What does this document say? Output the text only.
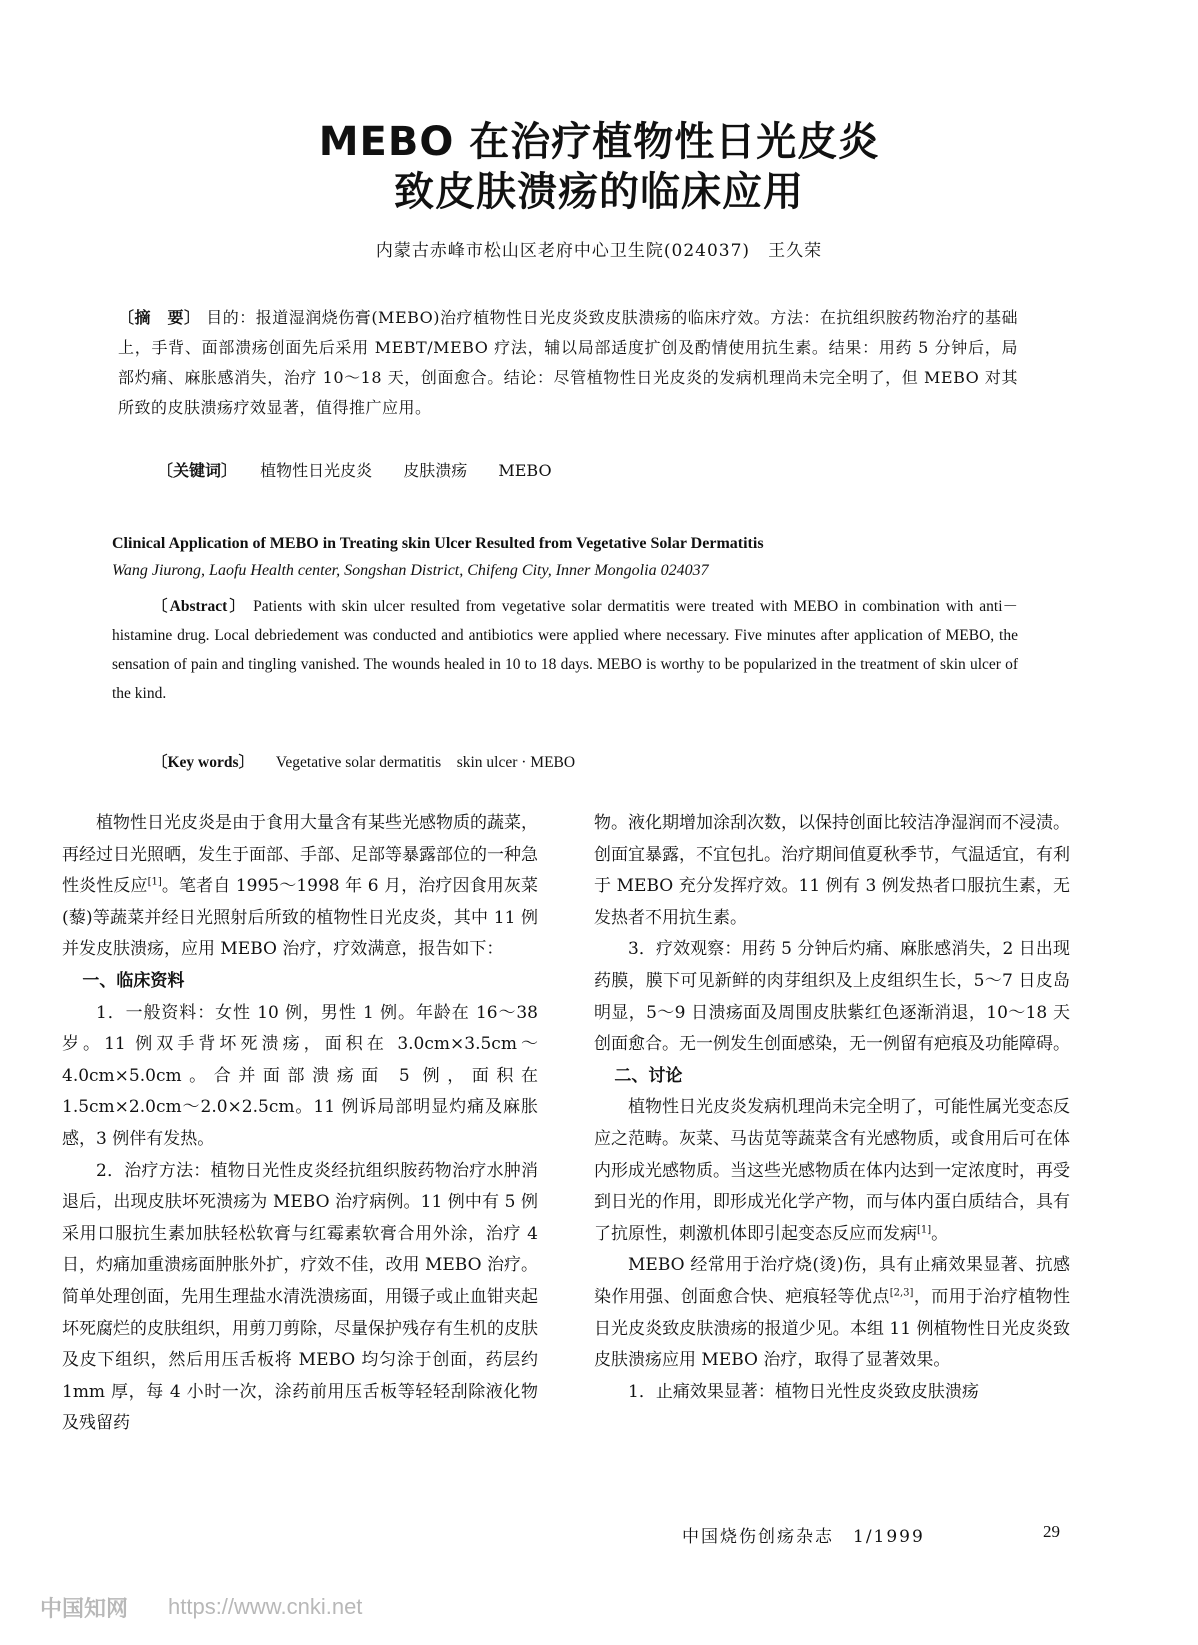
MEBO 在治疗植物性日光皮炎
致皮肤溃疡的临床应用
内蒙古赤峰市松山区老府中心卫生院(024037)　王久荣
〔摘　要〕 目的：报道湿润烧伤膏(MEBO)治疗植物性日光皮炎致皮肤溃疡的临床疗效。方法：在抗组织胺药物治疗的基础上，手背、面部溃疡创面先后采用 MEBT/MEBO 疗法，辅以局部适度扩创及酌情使用抗生素。结果：用药 5 分钟后，局部灼痛、麻胀感消失，治疗 10～18 天，创面愈合。结论：尽管植物性日光皮炎的发病机理尚未完全明了，但 MEBO 对其所致的皮肤溃疡疗效显著，值得推广应用。
〔关键词〕 植物性日光皮炎 皮肤溃疡 MEBO
Clinical Application of MEBO in Treating skin Ulcer Resulted from Vegetative Solar Dermatitis
Wang Jiurong, Laofu Health center, Songshan District, Chifeng City, Inner Mongolia 024037
〔Abstract〕 Patients with skin ulcer resulted from vegetative solar dermatitis were treated with MEBO in combination with anti－histamine drug. Local debriedement was conducted and antibiotics were applied where necessary. Five minutes after application of MEBO, the sensation of pain and tingling vanished. The wounds healed in 10 to 18 days. MEBO is worthy to be popularized in the treatment of skin ulcer of the kind.
〔Key words〕 Vegetative solar dermatitis　skin ulcer · MEBO

植物性日光皮炎是由于食用大量含有某些光感物质的蔬菜，再经过日光照晒，发生于面部、手部、足部等暴露部位的一种急性炎性反应[1]。笔者自 1995～1998 年 6 月，治疗因食用灰菜(藜)等蔬菜并经日光照射后所致的植物性日光皮炎，其中 11 例并发皮肤溃疡，应用 MEBO 治疗，疗效满意，报告如下：

一、临床资料

1．一般资料：女性 10 例，男性 1 例。年龄在 16～38 岁。11 例双手背坏死溃疡，面积在 3.0cm×3.5cm～4.0cm×5.0cm。合并面部溃疡面 5 例，面积在 1.5cm×2.0cm～2.0×2.5cm。11 例诉局部明显灼痛及麻胀感，3 例伴有发热。

2．治疗方法：植物日光性皮炎经抗组织胺药物治疗水肿消退后，出现皮肤坏死溃疡为 MEBO 治疗病例。11 例中有 5 例采用口服抗生素加肤轻松软膏与红霉素软膏合用外涂，治疗 4 日，灼痛加重溃疡面肿胀外扩，疗效不佳，改用 MEBO 治疗。简单处理创面，先用生理盐水清洗溃疡面，用镊子或止血钳夹起坏死腐烂的皮肤组织，用剪刀剪除，尽量保护残存有生机的皮肤及皮下组织，然后用压舌板将 MEBO 均匀涂于创面，药层约 1mm 厚，每 4 小时一次，涂药前用压舌板等轻轻刮除液化物及残留药

物。液化期增加涂刮次数，以保持创面比较洁净湿润而不浸渍。创面宜暴露，不宜包扎。治疗期间值夏秋季节，气温适宜，有利于 MEBO 充分发挥疗效。11 例有 3 例发热者口服抗生素，无发热者不用抗生素。

3．疗效观察：用药 5 分钟后灼痛、麻胀感消失，2 日出现药膜，膜下可见新鲜的肉芽组织及上皮组织生长，5～7 日皮岛明显，5～9 日溃疡面及周围皮肤紫红色逐渐消退，10～18 天创面愈合。无一例发生创面感染，无一例留有疤痕及功能障碍。

二、讨论

植物性日光皮炎发病机理尚未完全明了，可能性属光变态反应之范畴。灰菜、马齿苋等蔬菜含有光感物质，或食用后可在体内形成光感物质。当这些光感物质在体内达到一定浓度时，再受到日光的作用，即形成光化学产物，而与体内蛋白质结合，具有了抗原性，刺激机体即引起变态反应而发病[1]。

MEBO 经常用于治疗烧(烫)伤，具有止痛效果显著、抗感染作用强、创面愈合快、疤痕轻等优点[2,3]，而用于治疗植物性日光皮炎致皮肤溃疡的报道少见。本组 11 例植物性日光皮炎致皮肤溃疡应用 MEBO 治疗，取得了显著效果。

1．止痛效果显著：植物日光性皮炎致皮肤溃疡

中国烧伤创疡杂志　1/1999	29
中国知网 https://www.cnki.net
